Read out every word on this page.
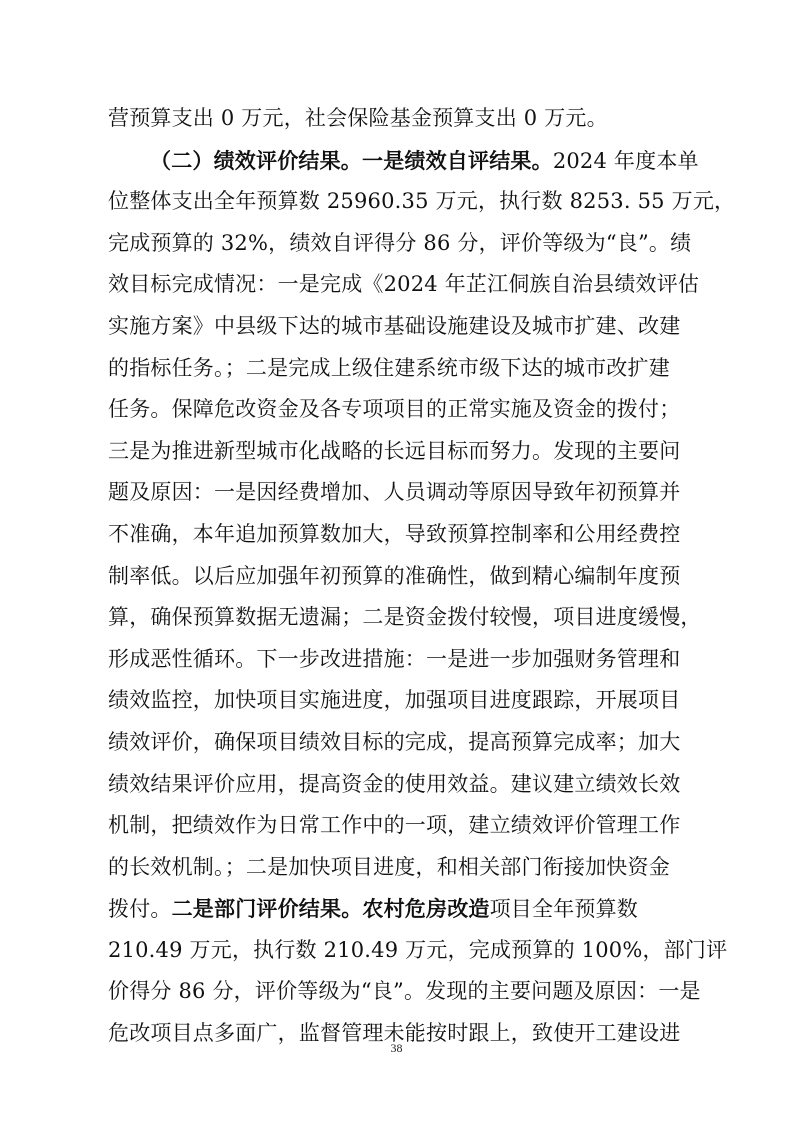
营预算支出 0 万元，社会保险基金预算支出 0 万元。
（二）绩效评价结果。一是绩效自评结果。2024 年度本单
位整体支出全年预算数 25960.35 万元，执行数 8253. 55 万元，
完成预算的 32%，绩效自评得分 86 分，评价等级为“良”。绩
效目标完成情况：一是完成《2024 年芷江侗族自治县绩效评估
实施方案》中县级下达的城市基础设施建设及城市扩建、改建
的指标任务。；二是完成上级住建系统市级下达的城市改扩建
任务。保障危改资金及各专项项目的正常实施及资金的拨付；
三是为推进新型城市化战略的长远目标而努力。发现的主要问
题及原因：一是因经费增加、人员调动等原因导致年初预算并
不准确，本年追加预算数加大，导致预算控制率和公用经费控
制率低。以后应加强年初预算的准确性，做到精心编制年度预
算，确保预算数据无遗漏；二是资金拨付较慢，项目进度缓慢，
形成恶性循环。下一步改进措施：一是进一步加强财务管理和
绩效监控，加快项目实施进度，加强项目进度跟踪，开展项目
绩效评价，确保项目绩效目标的完成，提高预算完成率；加大
绩效结果评价应用，提高资金的使用效益。建议建立绩效长效
机制，把绩效作为日常工作中的一项，建立绩效评价管理工作
的长效机制。；二是加快项目进度，和相关部门衔接加快资金
拨付。二是部门评价结果。农村危房改造项目全年预算数
210.49 万元，执行数 210.49 万元，完成预算的 100%，部门评
价得分 86 分，评价等级为“良”。发现的主要问题及原因：一是
危改项目点多面广，监督管理未能按时跟上，致使开工建设进
38
